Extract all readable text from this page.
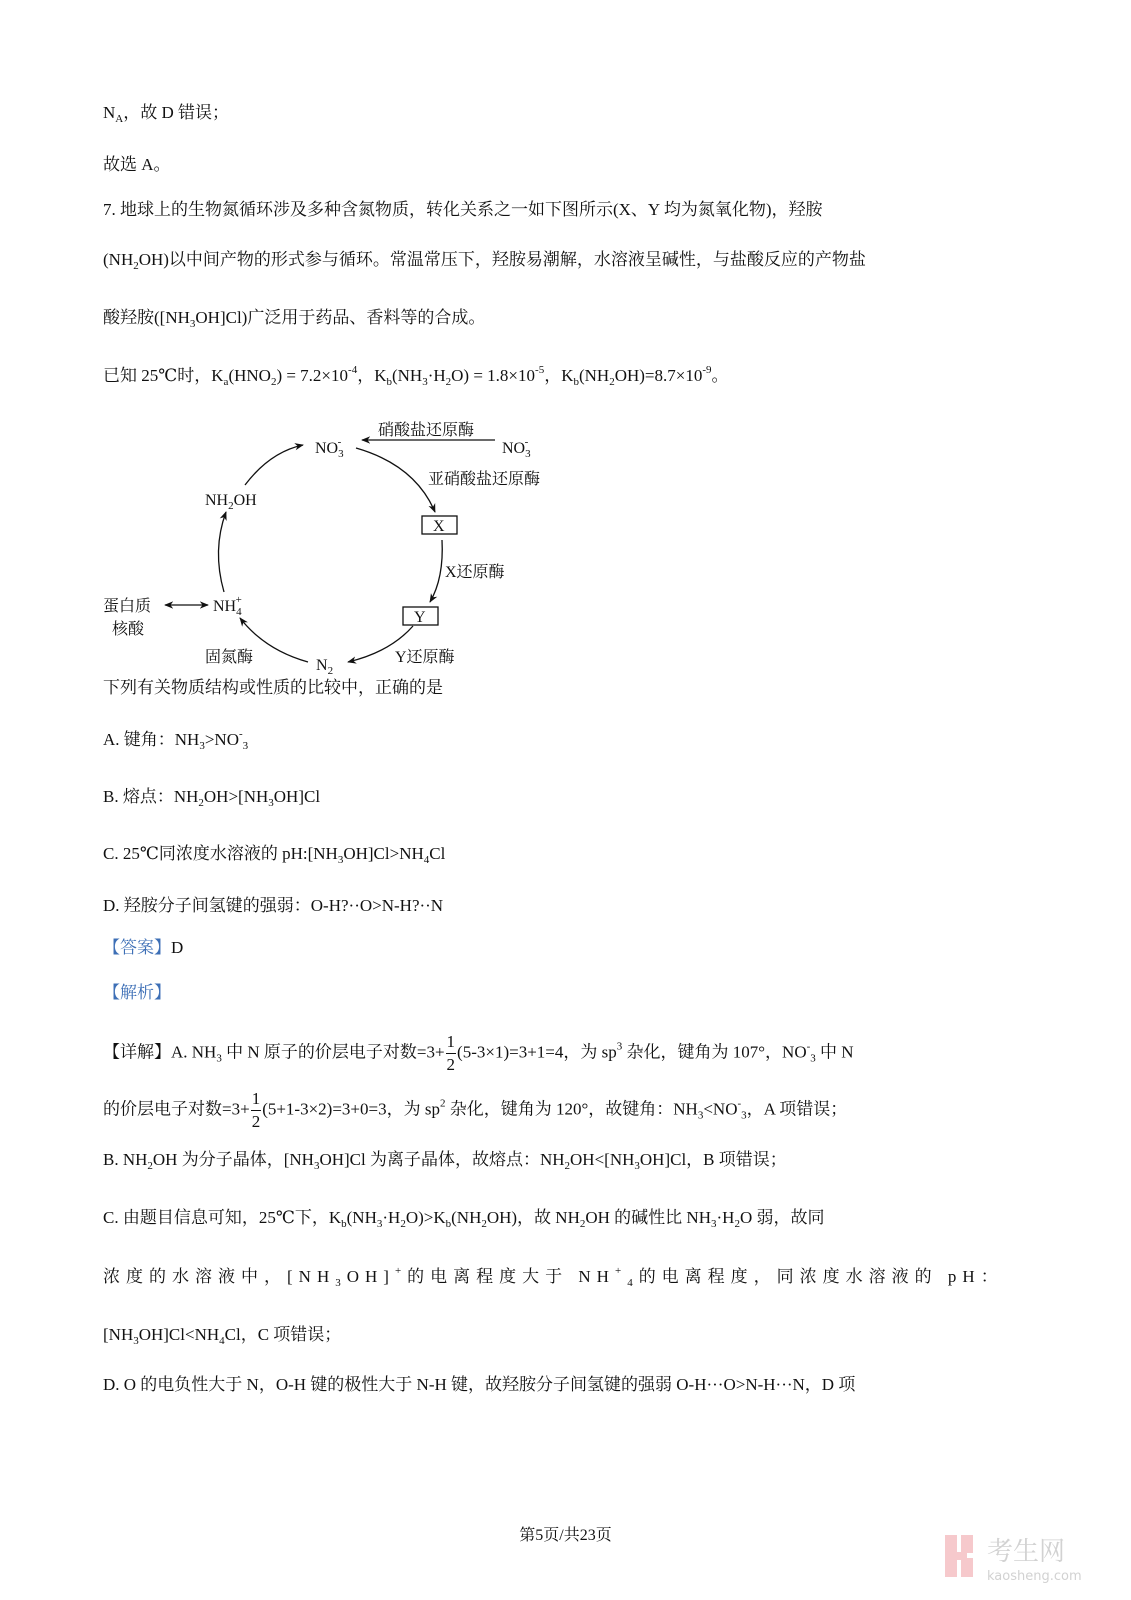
$N_A$，故 D 错误；
故选 A。
7. 地球上的生物氮循环涉及多种含氮物质，转化关系之一如下图所示(X、Y 均为氮氧化物)，羟胺
$(NH_2OH)$以中间产物的形式参与循环。常温常压下，羟胺易潮解，水溶液呈碱性，与盐酸反应的产物盐
酸羟胺$([NH_3OH]Cl)$广泛用于药品、香料等的合成。
已知 25℃时，$K_a(HNO_2) = 7.2\times 10^{-4}$，$K_b(NH_3\cdot H_2O) = 1.8\times 10^{-5}$，$K_b(NH_2OH)=8.7\times 10^{-9}$。
$NO_3-$
硝酸盐还原酶
$NO_3-$
亚硝酸盐还原酶
$NH_2OH$
X
X还原酶
Y
$NH_4+$
蛋白质
核酸
固氮酶	$N_2$
Y还原酶
下列有关物质结构或性质的比较中，正确的是
A. 键角：$NH_3>NO^-_3$
B. 熔点：$NH_2OH>[NH_3OH]Cl$
C. 25℃同浓度水溶液的 $pH:[NH_3OH]Cl>NH_4Cl$
D. 羟胺分子间氢键的强弱：O-H?··O>N-H?··N
【答案】D
【解析】
【详解】A. $NH_3$ 中 N 原子的价层电子对数$=3+ \frac{1}{2} (5-3\times 1)=3+1=4$，为 $sp^3$ 杂化，键角为 107°，$NO^-_3$ 中 N
的价层电子对数$=3+ \frac{1}{2} (5+1-3\times 2)=3+0=3$，为 $sp^2$ 杂化，键角为 120°，故键角：$NH_3<NO^-_3$，A 项错误；
B. $NH_2OH$ 为分子晶体，$[NH_3OH]Cl$ 为离子晶体，故熔点：$NH_2OH<[NH_3OH]Cl$，B 项错误；
C. 由题目信息可知，25℃下，$K_b(NH_3\cdot H_2O)>K_b(NH_2OH)$，故 $NH_2OH$ 的碱性比 $NH_3\cdot H_2O$ 弱，故同
浓度的水溶液中，$[NH_3OH]^+$的电离程度大于 $NH^+_4$的电离程度，同浓度水溶液的 pH：
$[NH_3OH]Cl<NH_4Cl$，C 项错误；
D. O 的电负性大于 N，O-H 键的极性大于 N-H 键，故羟胺分子间氢键的强弱 O-H···O>N-H···N，D 项
第5页/共23页
考生网
kaosheng.com
